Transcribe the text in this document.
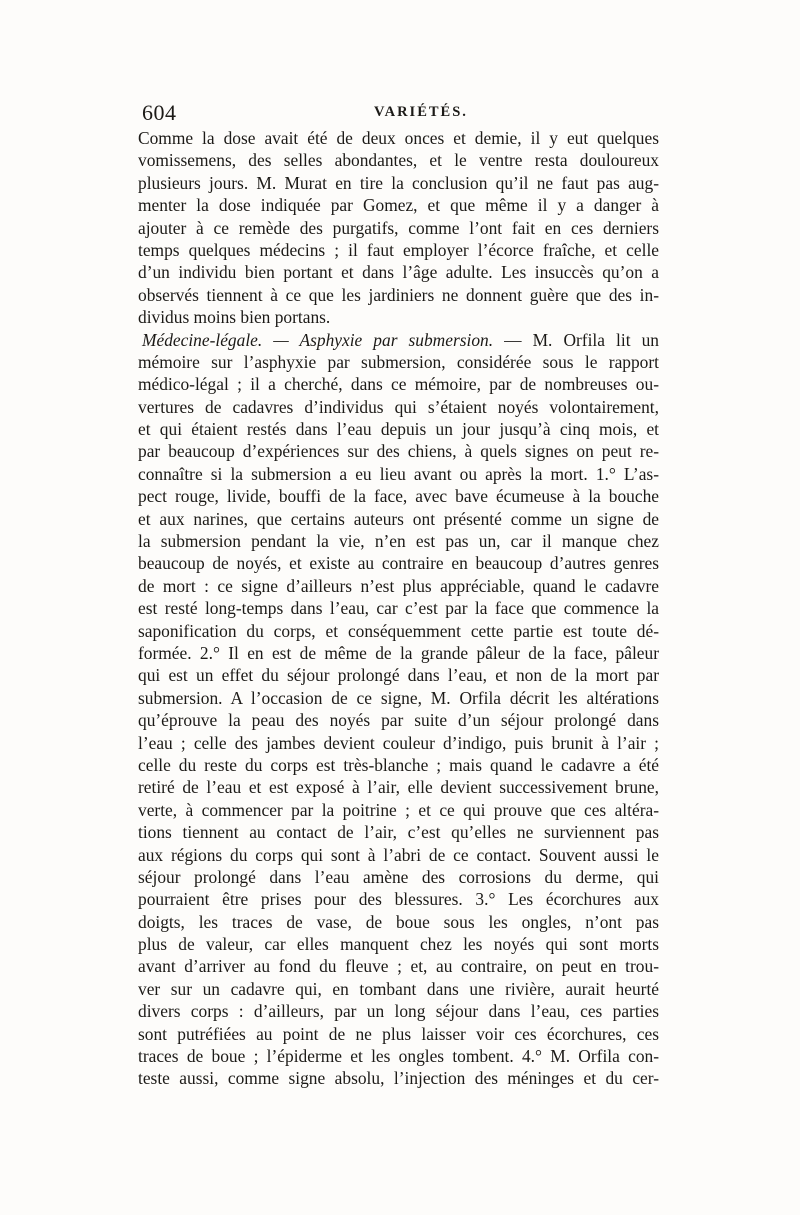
604	VARIÉTÉS.
Comme la dose avait été de deux onces et demie, il y eut quelques
vomissemens, des selles abondantes, et le ventre resta douloureux
plusieurs jours. M. Murat en tire la conclusion qu’il ne faut pas aug-
menter la dose indiquée par Gomez, et que même il y a danger à
ajouter à ce remède des purgatifs, comme l’ont fait en ces derniers
temps quelques médecins ; il faut employer l’écorce fraîche, et celle
d’un individu bien portant et dans l’âge adulte. Les insuccès qu’on a
observés tiennent à ce que les jardiniers ne donnent guère que des in-
dividus moins bien portans.
Médecine-légale. — Asphyxie par submersion. — M. Orfila lit un
mémoire sur l’asphyxie par submersion, considérée sous le rapport
médico-légal ; il a cherché, dans ce mémoire, par de nombreuses ou-
vertures de cadavres d’individus qui s’étaient noyés volontairement,
et qui étaient restés dans l’eau depuis un jour jusqu’à cinq mois, et
par beaucoup d’expériences sur des chiens, à quels signes on peut re-
connaître si la submersion a eu lieu avant ou après la mort. 1.° L’as-
pect rouge, livide, bouffi de la face, avec bave écumeuse à la bouche
et aux narines, que certains auteurs ont présenté comme un signe de
la submersion pendant la vie, n’en est pas un, car il manque chez
beaucoup de noyés, et existe au contraire en beaucoup d’autres genres
de mort : ce signe d’ailleurs n’est plus appréciable, quand le cadavre
est resté long-temps dans l’eau, car c’est par la face que commence la
saponification du corps, et conséquemment cette partie est toute dé-
formée. 2.° Il en est de même de la grande pâleur de la face, pâleur
qui est un effet du séjour prolongé dans l’eau, et non de la mort par
submersion. A l’occasion de ce signe, M. Orfila décrit les altérations
qu’éprouve la peau des noyés par suite d’un séjour prolongé dans
l’eau ; celle des jambes devient couleur d’indigo, puis brunit à l’air ;
celle du reste du corps est très-blanche ; mais quand le cadavre a été
retiré de l’eau et est exposé à l’air, elle devient successivement brune,
verte, à commencer par la poitrine ; et ce qui prouve que ces altéra-
tions tiennent au contact de l’air, c’est qu’elles ne surviennent pas
aux régions du corps qui sont à l’abri de ce contact. Souvent aussi le
séjour prolongé dans l’eau amène des corrosions du derme, qui
pourraient être prises pour des blessures. 3.° Les écorchures aux
doigts, les traces de vase, de boue sous les ongles, n’ont pas
plus de valeur, car elles manquent chez les noyés qui sont morts
avant d’arriver au fond du fleuve ; et, au contraire, on peut en trou-
ver sur un cadavre qui, en tombant dans une rivière, aurait heurté
divers corps : d’ailleurs, par un long séjour dans l’eau, ces parties
sont putréfiées au point de ne plus laisser voir ces écorchures, ces
traces de boue ; l’épiderme et les ongles tombent. 4.° M. Orfila con-
teste aussi, comme signe absolu, l’injection des méninges et du cer-
